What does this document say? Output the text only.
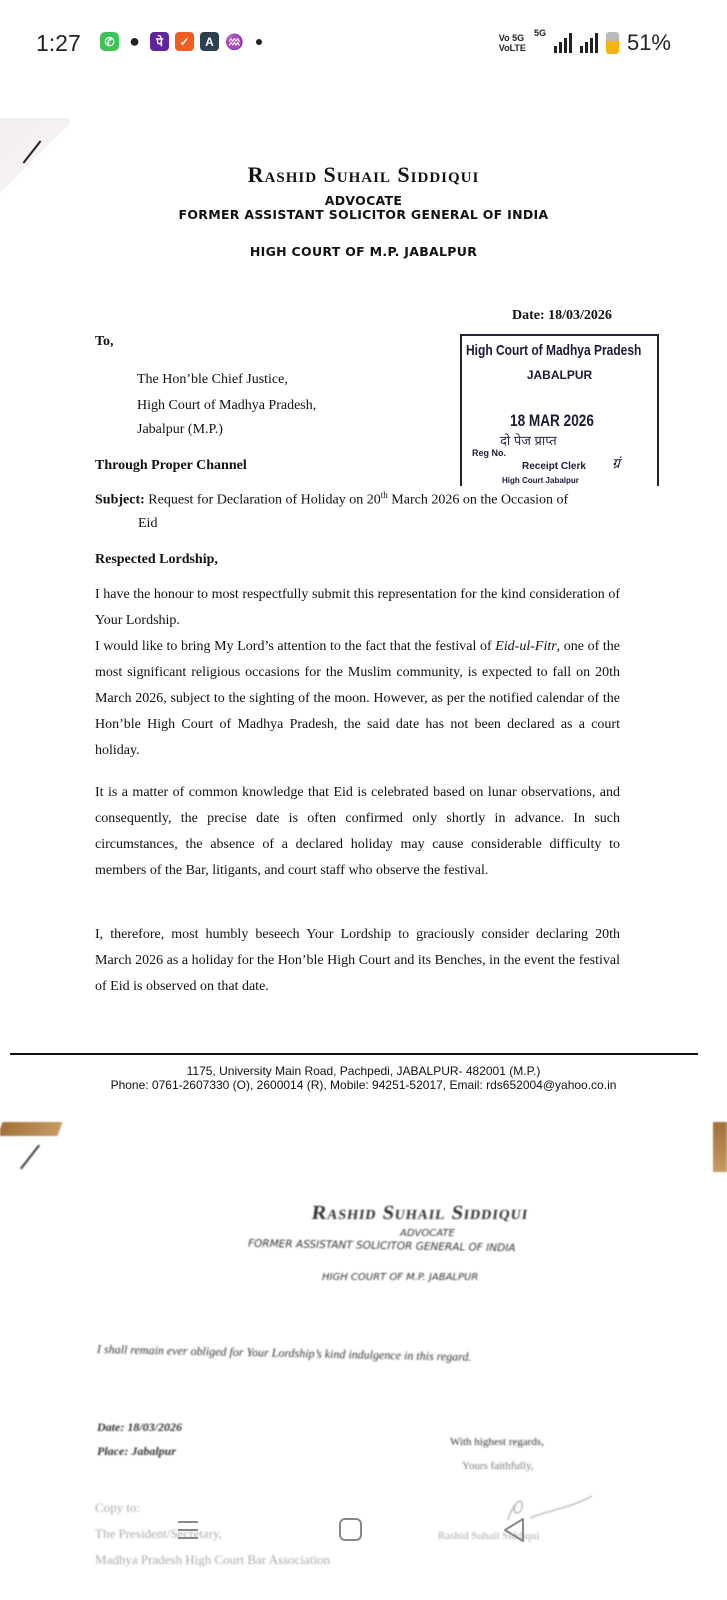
1:27	✆ ●	पे	✓	A ♒	Vo 5G
VoLTE
5G	51%
Rashid Suhail Siddiqui
ADVOCATE
FORMER ASSISTANT SOLICITOR GENERAL OF INDIA
HIGH COURT OF M.P. JABALPUR
Date: 18/03/2026
To,
The Hon’ble Chief Justice,
High Court of Madhya Pradesh,
Jabalpur (M.P.)
Through Proper Channel
High Court of Madhya Pradesh
JABALPUR
18 MAR 2026
दो पेज प्राप्त
Reg No.
Receipt Clerk
High Court Jabalpur
ग्रं
Subject: Request for Declaration of Holiday on 20th March 2026 on the Occasion of
Eid
Respected Lordship,
I have the honour to most respectfully submit this representation for the kind consideration of Your Lordship.
I would like to bring My Lord’s attention to the fact that the festival of Eid-ul-Fitr, one of the most significant religious occasions for the Muslim community, is expected to fall on 20th March 2026, subject to the sighting of the moon. However, as per the notified calendar of the Hon’ble High Court of Madhya Pradesh, the said date has not been declared as a court holiday.
It is a matter of common knowledge that Eid is celebrated based on lunar observations, and consequently, the precise date is often confirmed only shortly in advance. In such circumstances, the absence of a declared holiday may cause considerable difficulty to members of the Bar, litigants, and court staff who observe the festival.
I, therefore, most humbly beseech Your Lordship to graciously consider declaring 20th March 2026 as a holiday for the Hon’ble High Court and its Benches, in the event the festival of Eid is observed on that date.
1175, University Main Road, Pachpedi, JABALPUR- 482001 (M.P.)
Phone: 0761-2607330 (O), 2600014 (R), Mobile: 94251-52017, Email: rds652004@yahoo.co.in
Rashid Suhail Siddiqui
ADVOCATE
FORMER ASSISTANT SOLICITOR GENERAL OF INDIA
HIGH COURT OF M.P. JABALPUR
I shall remain ever obliged for Your Lordship’s kind indulgence in this regard.
Date: 18/03/2026
Place: Jabalpur
With highest regards,
Yours faithfully,
Rashid Suhail Siddiqui
Copy to:
The President/Secretary,
Madhya Pradesh High Court Bar Association
